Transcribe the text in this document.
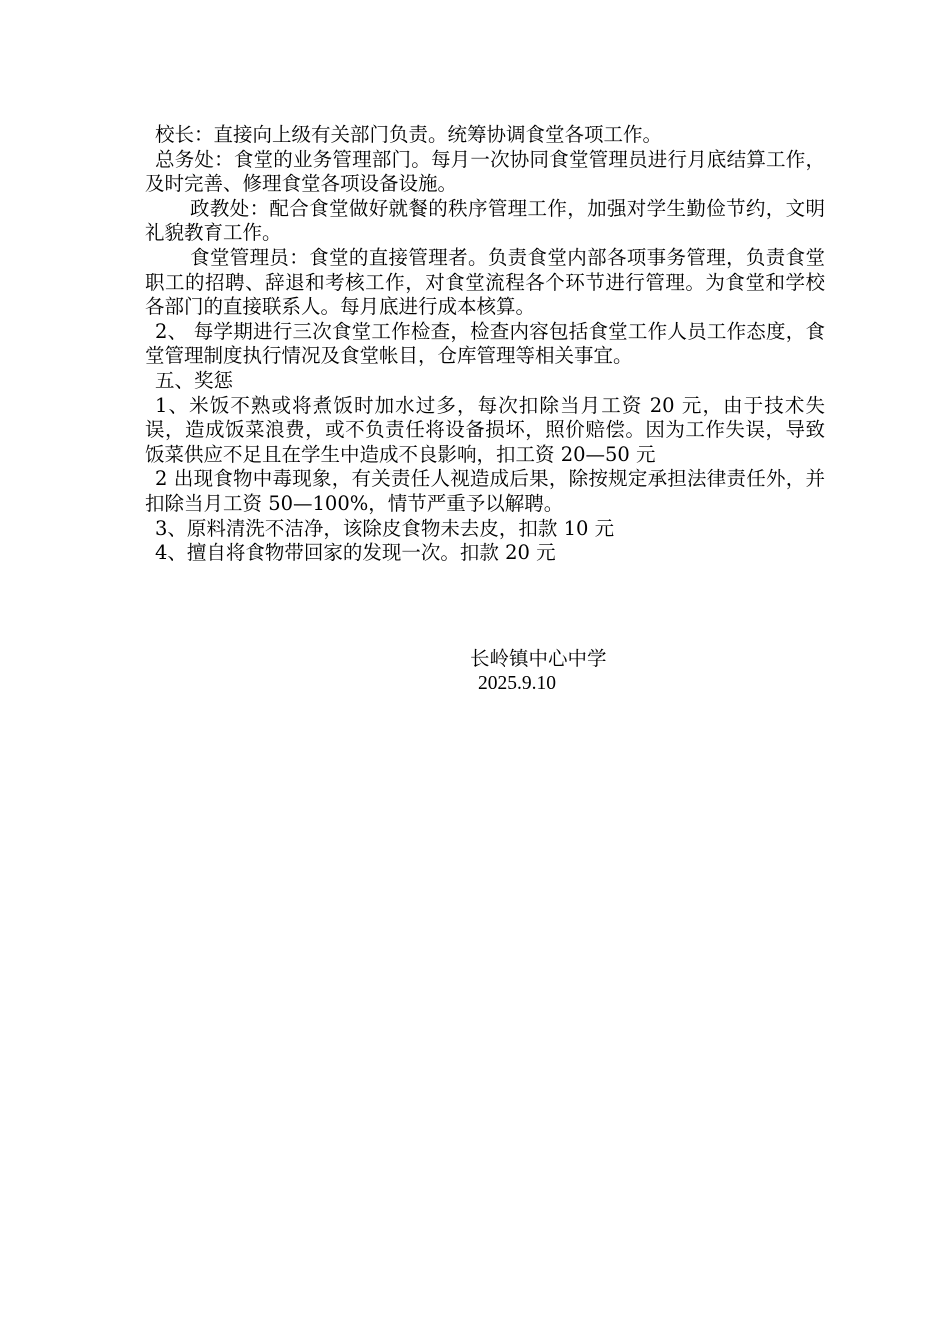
校长：直接向上级有关部门负责。统筹协调食堂各项工作。

总务处：食堂的业务管理部门。每月一次协同食堂管理员进行月底结算工作，及时完善、修理食堂各项设备设施。

政教处：配合食堂做好就餐的秩序管理工作，加强对学生勤俭节约，文明礼貌教育工作。

食堂管理员：食堂的直接管理者。负责食堂内部各项事务管理，负责食堂职工的招聘、辞退和考核工作，对食堂流程各个环节进行管理。为食堂和学校各部门的直接联系人。每月底进行成本核算。

2、 每学期进行三次食堂工作检查，检查内容包括食堂工作人员工作态度，食堂管理制度执行情况及食堂帐目，仓库管理等相关事宜。

五、奖惩

1、米饭不熟或将煮饭时加水过多，每次扣除当月工资 20 元，由于技术失误，造成饭菜浪费，或不负责任将设备损坏，照价赔偿。因为工作失误，导致饭菜供应不足且在学生中造成不良影响，扣工资 20—50 元

2 出现食物中毒现象，有关责任人视造成后果，除按规定承担法律责任外，并扣除当月工资 50—100%，情节严重予以解聘。

3、原料清洗不洁净，该除皮食物未去皮，扣款 10 元

4、擅自将食物带回家的发现一次。扣款 20 元

长岭镇中心中学
2025.9.10
